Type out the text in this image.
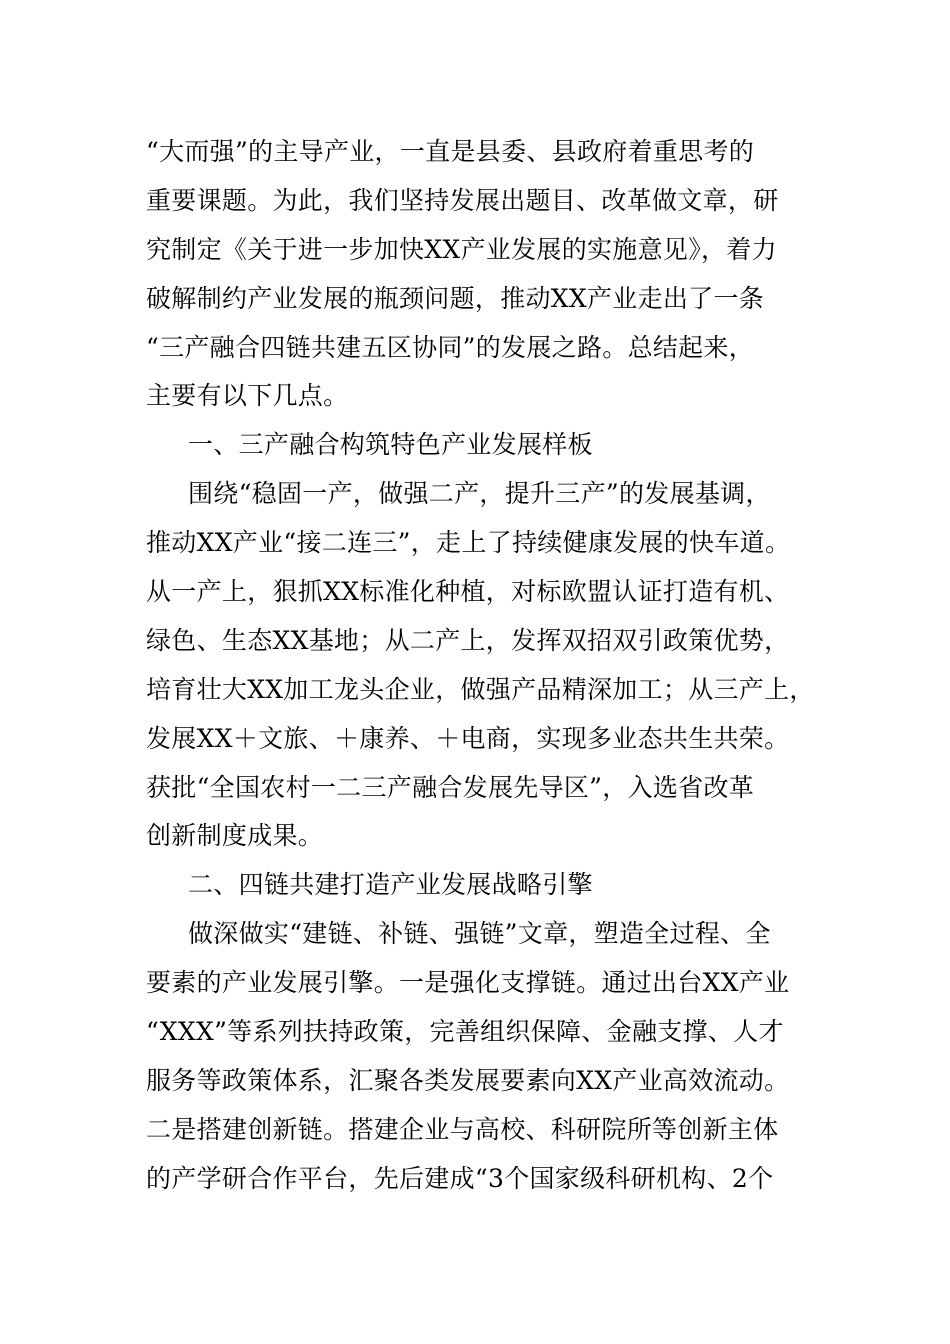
“大而强”的主导产业，一直是县委、县政府着重思考的
重要课题。为此，我们坚持发展出题目、改革做文章，研
究制定《关于进一步加快XX产业发展的实施意见》，着力
破解制约产业发展的瓶颈问题，推动XX产业走出了一条
“三产融合四链共建五区协同”的发展之路。总结起来，
主要有以下几点。
一、三产融合构筑特色产业发展样板
围绕“稳固一产，做强二产，提升三产”的发展基调，
推动XX产业“接二连三”，走上了持续健康发展的快车道。
从一产上，狠抓XX标准化种植，对标欧盟认证打造有机、
绿色、生态XX基地；从二产上，发挥双招双引政策优势，
培育壮大XX加工龙头企业，做强产品精深加工；从三产上，
发展XX＋文旅、＋康养、＋电商，实现多业态共生共荣。
获批“全国农村一二三产融合发展先导区”，入选省改革
创新制度成果。
二、四链共建打造产业发展战略引擎
做深做实“建链、补链、强链”文章，塑造全过程、全
要素的产业发展引擎。一是强化支撑链。通过出台XX产业
“XXX”等系列扶持政策，完善组织保障、金融支撑、人才
服务等政策体系，汇聚各类发展要素向XX产业高效流动。
二是搭建创新链。搭建企业与高校、科研院所等创新主体
的产学研合作平台，先后建成“3个国家级科研机构、2个
